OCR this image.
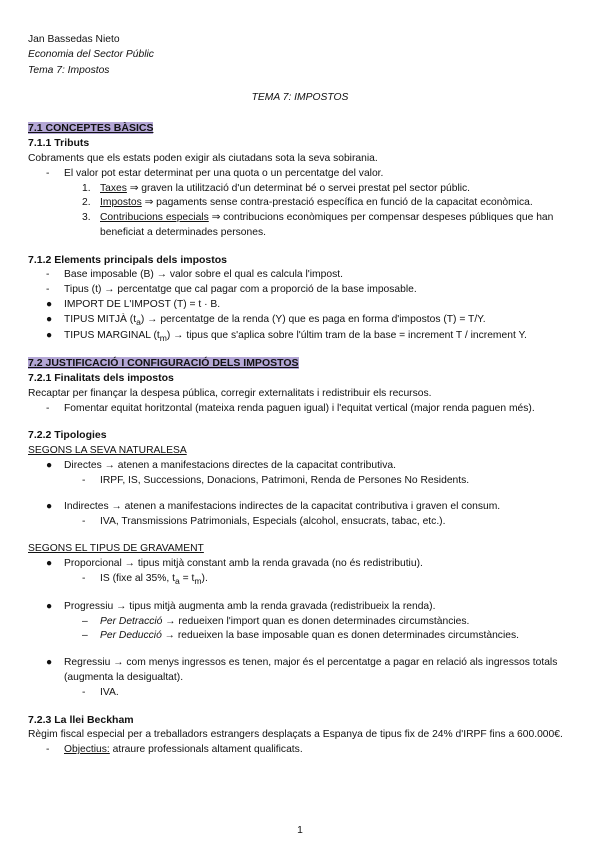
Jan Bassedas Nieto
Economia del Sector Públic
Tema 7: Impostos
TEMA 7: IMPOSTOS
7.1 CONCEPTES BÀSICS
7.1.1 Tributs

Cobraments que els estats poden exigir als ciutadans sota la seva sobirania.

-	El valor pot estar determinat per una quota o un percentatge del valor.
1. Taxes ⇒ graven la utilització d'un determinat bé o servei prestat pel sector públic.
2. Impostos ⇒ pagaments sense contra-prestació específica en funció de la capacitat econòmica.
3. Contribucions especials ⇒ contribucions econòmiques per compensar despeses públiques que han beneficiat a determinades persones.
7.1.2 Elements principals dels impostos
-	Base imposable (B) → valor sobre el qual es calcula l'impost.
-	Tipus (t) → percentatge que cal pagar com a proporció de la base imposable.
●	IMPORT DE L'IMPOST (T) = t · B.
●	TIPUS MITJÀ $(t_a)$ → percentatge de la renda (Y) que es paga en forma d'impostos (T) = T/Y.
●	TIPUS MARGINAL $(t_m)$ → tipus que s'aplica sobre l'últim tram de la base = increment T / increment Y.
7.2 JUSTIFICACIÓ I CONFIGURACIÓ DELS IMPOSTOS
7.2.1 Finalitats dels impostos

Recaptar per finançar la despesa pública, corregir externalitats i redistribuir els recursos.

-	Fomentar equitat horitzontal (mateixa renda paguen igual) i l'equitat vertical (major renda paguen més).
7.2.2 Tipologies

SEGONS LA SEVA NATURALESA

●	Directes → atenen a manifestacions directes de la capacitat contributiva.
-	IRPF, IS, Successions, Donacions, Patrimoni, Renda de Persones No Residents.
●	Indirectes → atenen a manifestacions indirectes de la capacitat contributiva i graven el consum.
-	IVA, Transmissions Patrimonials, Especials (alcohol, ensucrats, tabac, etc.).

SEGONS EL TIPUS DE GRAVAMENT

●	Proporcional → tipus mitjà constant amb la renda gravada (no és redistributiu).
-	IS (fixe al 35%, $t_a = t_m$).
●	Progressiu → tipus mitjà augmenta amb la renda gravada (redistribueix la renda).
–	Per Detracció → redueixen l'import quan es donen determinades circumstàncies.
–	Per Deducció → redueixen la base imposable quan es donen determinades circumstàncies.
●	Regressiu → com menys ingressos es tenen, major és el percentatge a pagar en relació als ingressos totals (augmenta la desigualtat).
-	IVA.
7.2.3 La llei Beckham

Règim fiscal especial per a treballadors estrangers desplaçats a Espanya de tipus fix de 24% d'IRPF fins a 600.000€.

-	Objectius: atraure professionals altament qualificats.
1
